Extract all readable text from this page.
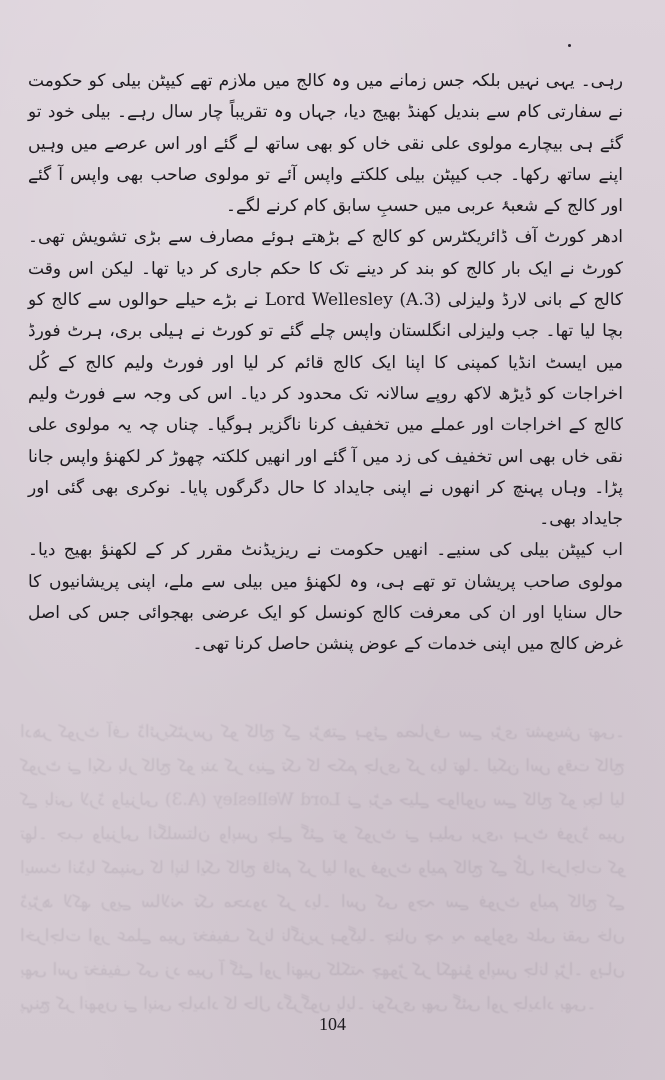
رہی۔ یہی نہیں بلکہ جس زمانے میں وہ کالج میں ملازم تھے کیپٹن بیلی کو حکومت نے سفارتی کام سے بندیل کھنڈ بھیج دیا، جہاں وہ تقریباً چار سال رہے۔ بیلی خود تو گئے ہی بیچارے مولوی علی نقی خاں کو بھی ساتھ لے گئے اور اس عرصے میں وہیں اپنے ساتھ رکھا۔ جب کیپٹن بیلی کلکتے واپس آئے تو مولوی صاحب بھی واپس آ گئے اور کالج کے شعبۂ عربی میں حسبِ سابق کام کرنے لگے۔

ادھر کورٹ آف ڈائریکٹرس کو کالج کے بڑھتے ہوئے مصارف سے بڑی تشویش تھی۔ کورٹ نے ایک بار کالج کو بند کر دینے تک کا حکم جاری کر دیا تھا۔ لیکن اس وقت کالج کے بانی لارڈ ولیزلی (3.A) Lord Wellesley نے بڑے حیلے حوالوں سے کالج کو بچا لیا تھا۔ جب ولیزلی انگلستان واپس چلے گئے تو کورٹ نے ہیلی بری، ہرٹ فورڈ میں ایسٹ انڈیا کمپنی کا اپنا ایک کالج قائم کر لیا اور فورٹ ولیم کالج کے کُل اخراجات کو ڈیڑھ لاکھ روپے سالانہ تک محدود کر دیا۔ اس کی وجہ سے فورٹ ولیم کالج کے اخراجات اور عملے میں تخفیف کرنا ناگزیر ہوگیا۔ چناں چہ یہ مولوی علی نقی خاں بھی اس تخفیف کی زد میں آ گئے اور انھیں کلکتہ چھوڑ کر لکھنؤ واپس جانا پڑا۔ وہاں پہنچ کر انھوں نے اپنی جایداد کا حال دگرگوں پایا۔ نوکری بھی گئی اور جایداد بھی۔

اب کیپٹن بیلی کی سنیے۔ انھیں حکومت نے ریزیڈنٹ مقرر کر کے لکھنؤ بھیج دیا۔ مولوی صاحب پریشان تو تھے ہی، وہ لکھنؤ میں بیلی سے ملے، اپنی پریشانیوں کا حال سنایا اور ان کی معرفت کالج کونسل کو ایک عرضی بھجوائی جس کی اصل غرض کالج میں اپنی خدمات کے عوض پنشن حاصل کرنا تھی۔

ادھر کورٹ آف ڈائریکٹرس کو کالج کے بڑھتے ہوئے مصارف سے بڑی تشویش تھی۔ کورٹ نے ایک بار کالج کو بند کر دینے تک کا حکم جاری کر دیا تھا۔ لیکن اس وقت کالج کے بانی لارڈ ولیزلی (3.A) Lord Wellesley نے بڑے حیلے حوالوں سے کالج کو بچا لیا تھا۔ جب ولیزلی انگلستان واپس چلے گئے تو کورٹ نے ہیلی بری، ہرٹ فورڈ میں ایسٹ انڈیا کمپنی کا اپنا ایک کالج قائم کر لیا اور فورٹ ولیم کالج کے کُل اخراجات کو ڈیڑھ لاکھ روپے سالانہ تک محدود کر دیا۔ اس کی وجہ سے فورٹ ولیم کالج کے اخراجات اور عملے میں تخفیف کرنا ناگزیر ہوگیا۔ چناں چہ یہ مولوی علی نقی خاں بھی اس تخفیف کی زد میں آ گئے اور انھیں کلکتہ چھوڑ کر لکھنؤ واپس جانا پڑا۔ وہاں پہنچ کر انھوں نے اپنی جایداد کا حال دگرگوں پایا۔ نوکری بھی گئی اور جایداد بھی۔
104
